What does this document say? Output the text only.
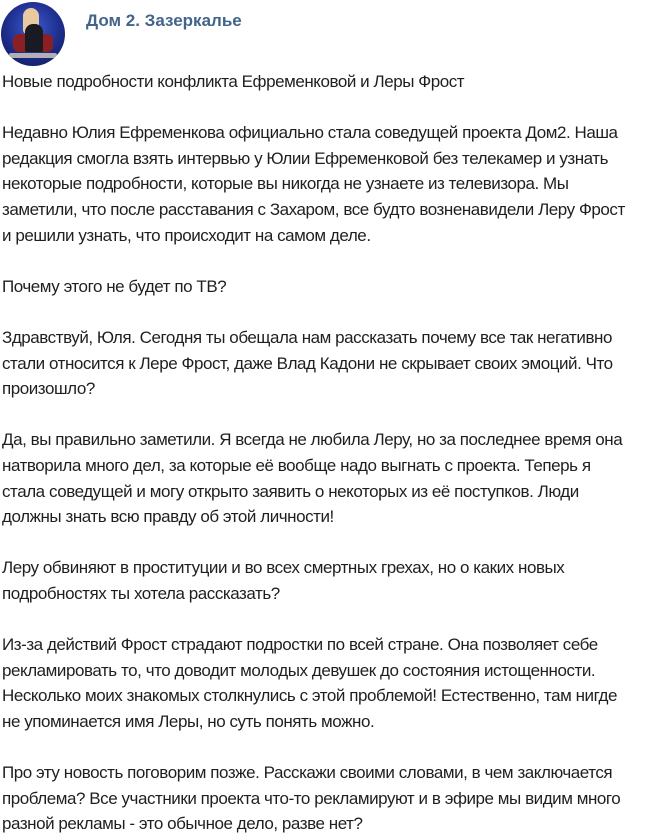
Дом 2. Зазеркалье
Новые подробности конфликта Ефременковой и Леры Фрост
Недавно Юлия Ефременкова официально стала соведущей проекта Дом2. Наша
редакция смогла взять интервью у Юлии Ефременковой без телекамер и узнать
некоторые подробности, которые вы никогда не узнаете из телевизора. Мы
заметили, что после расставания с Захаром, все будто возненавидели Леру Фрост
и решили узнать, что происходит на самом деле.
Почему этого не будет по ТВ?
Здравствуй, Юля. Сегодня ты обещала нам рассказать почему все так негативно
стали относится к Лере Фрост, даже Влад Кадони не скрывает своих эмоций. Что
произошло?
Да, вы правильно заметили. Я всегда не любила Леру, но за последнее время она
натворила много дел, за которые её вообще надо выгнать с проекта. Теперь я
стала соведущей и могу открыто заявить о некоторых из её поступков. Люди
должны знать всю правду об этой личности!
Леру обвиняют в проституции и во всех смертных грехах, но о каких новых
подробностях ты хотела рассказать?
Из-за действий Фрост страдают подростки по всей стране. Она позволяет себе
рекламировать то, что доводит молодых девушек до состояния истощенности.
Несколько моих знакомых столкнулись с этой проблемой! Естественно, там нигде
не упоминается имя Леры, но суть понять можно.
Про эту новость поговорим позже. Расскажи своими словами, в чем заключается
проблема? Все участники проекта что-то рекламируют и в эфире мы видим много
разной рекламы - это обычное дело, разве нет?
